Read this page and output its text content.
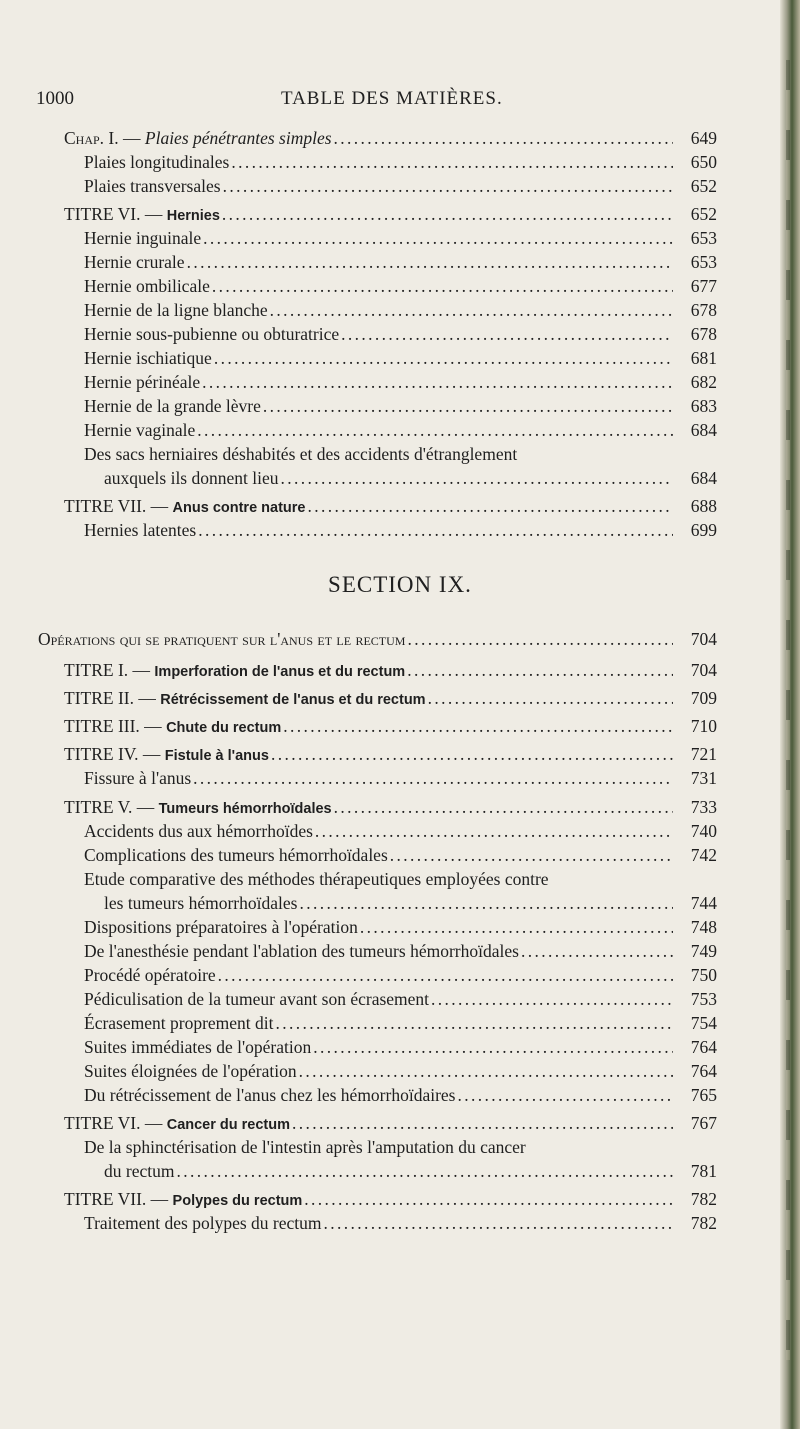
1000	TABLE DES MATIÈRES.
Chap. I. — Plaies pénétrantes simples . . .	649
Plaies longitudinales . . .	650
Plaies transversales . . .	652
TITRE VI. — Hernies . . .	652
Hernie inguinale . . .	653
Hernie crurale . . .	653
Hernie ombilicale . . .	677
Hernie de la ligne blanche . . .	678
Hernie sous-pubienne ou obturatrice . . .	678
Hernie ischiatique . . .	681
Hernie périnéale . . .	682
Hernie de la grande lèvre . . .	683
Hernie vaginale . . .	684
Des sacs herniaires déshabités et des accidents d'étranglement
auxquels ils donnent lieu . . .	684
TITRE VII. — Anus contre nature . . .	688
Hernies latentes . . .	699
SECTION IX.
Opérations qui se pratiquent sur l'anus et le rectum . . .	704
TITRE I. — Imperforation de l'anus et du rectum . . .	704
TITRE II. — Rétrécissement de l'anus et du rectum . . .	709
TITRE III. — Chute du rectum . . .	710
TITRE IV. — Fistule à l'anus . . .	721
Fissure à l'anus . . .	731
TITRE V. — Tumeurs hémorrhoïdales . . .	733
Accidents dus aux hémorrhoïdes . . .	740
Complications des tumeurs hémorrhoïdales . . .	742
Etude comparative des méthodes thérapeutiques employées contre
les tumeurs hémorrhoïdales . . .	744
Dispositions préparatoires à l'opération . . .	748
De l'anesthésie pendant l'ablation des tumeurs hémorrhoïdales . . .	749
Procédé opératoire . . .	750
Pédiculisation de la tumeur avant son écrasement . . .	753
Écrasement proprement dit . . .	754
Suites immédiates de l'opération . . .	764
Suites éloignées de l'opération . . .	764
Du rétrécissement de l'anus chez les hémorrhoïdaires . . .	765
TITRE VI. — Cancer du rectum . . .	767
De la sphinctérisation de l'intestin après l'amputation du cancer
du rectum . . .	781
TITRE VII. — Polypes du rectum . . .	782
Traitement des polypes du rectum . . .	782
